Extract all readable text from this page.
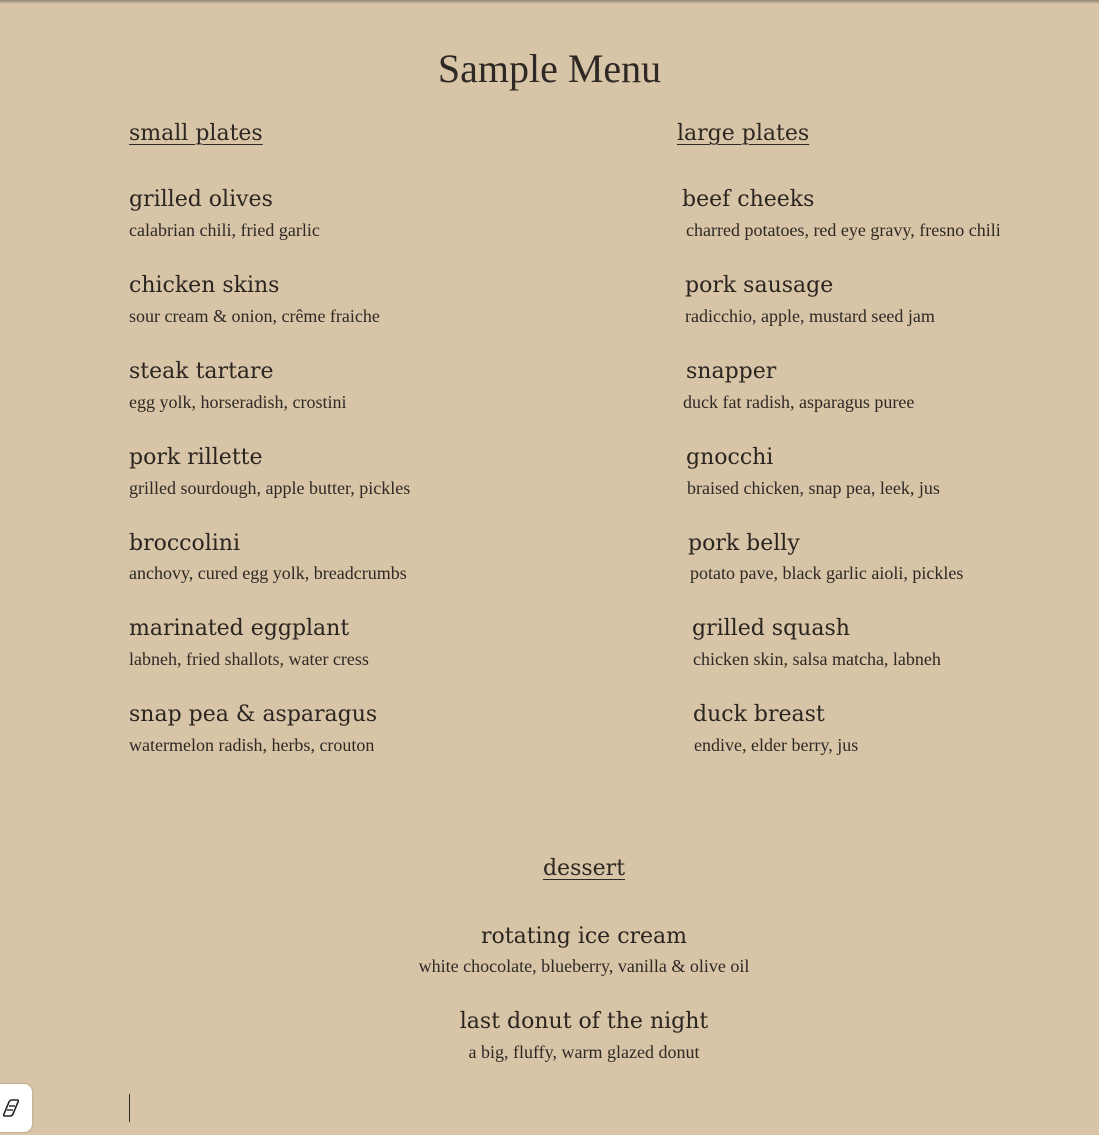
Sample Menu
small plates
grilled olives
calabrian chili, fried garlic
chicken skins
sour cream & onion, crême fraiche
steak tartare
egg yolk, horseradish, crostini
pork rillette
grilled sourdough, apple butter, pickles
broccolini
anchovy, cured egg yolk, breadcrumbs
marinated eggplant
labneh, fried shallots, water cress
snap pea & asparagus
watermelon radish, herbs, crouton
large plates
beef cheeks
charred potatoes, red eye gravy, fresno chili
pork sausage
radicchio, apple, mustard seed jam
snapper
duck fat radish, asparagus puree
gnocchi
braised chicken, snap pea, leek, jus
pork belly
potato pave, black garlic aioli, pickles
grilled squash
chicken skin, salsa matcha, labneh
duck breast
endive, elder berry, jus
dessert
rotating ice cream
white chocolate, blueberry, vanilla & olive oil
last donut of the night
a big, fluffy, warm glazed donut
